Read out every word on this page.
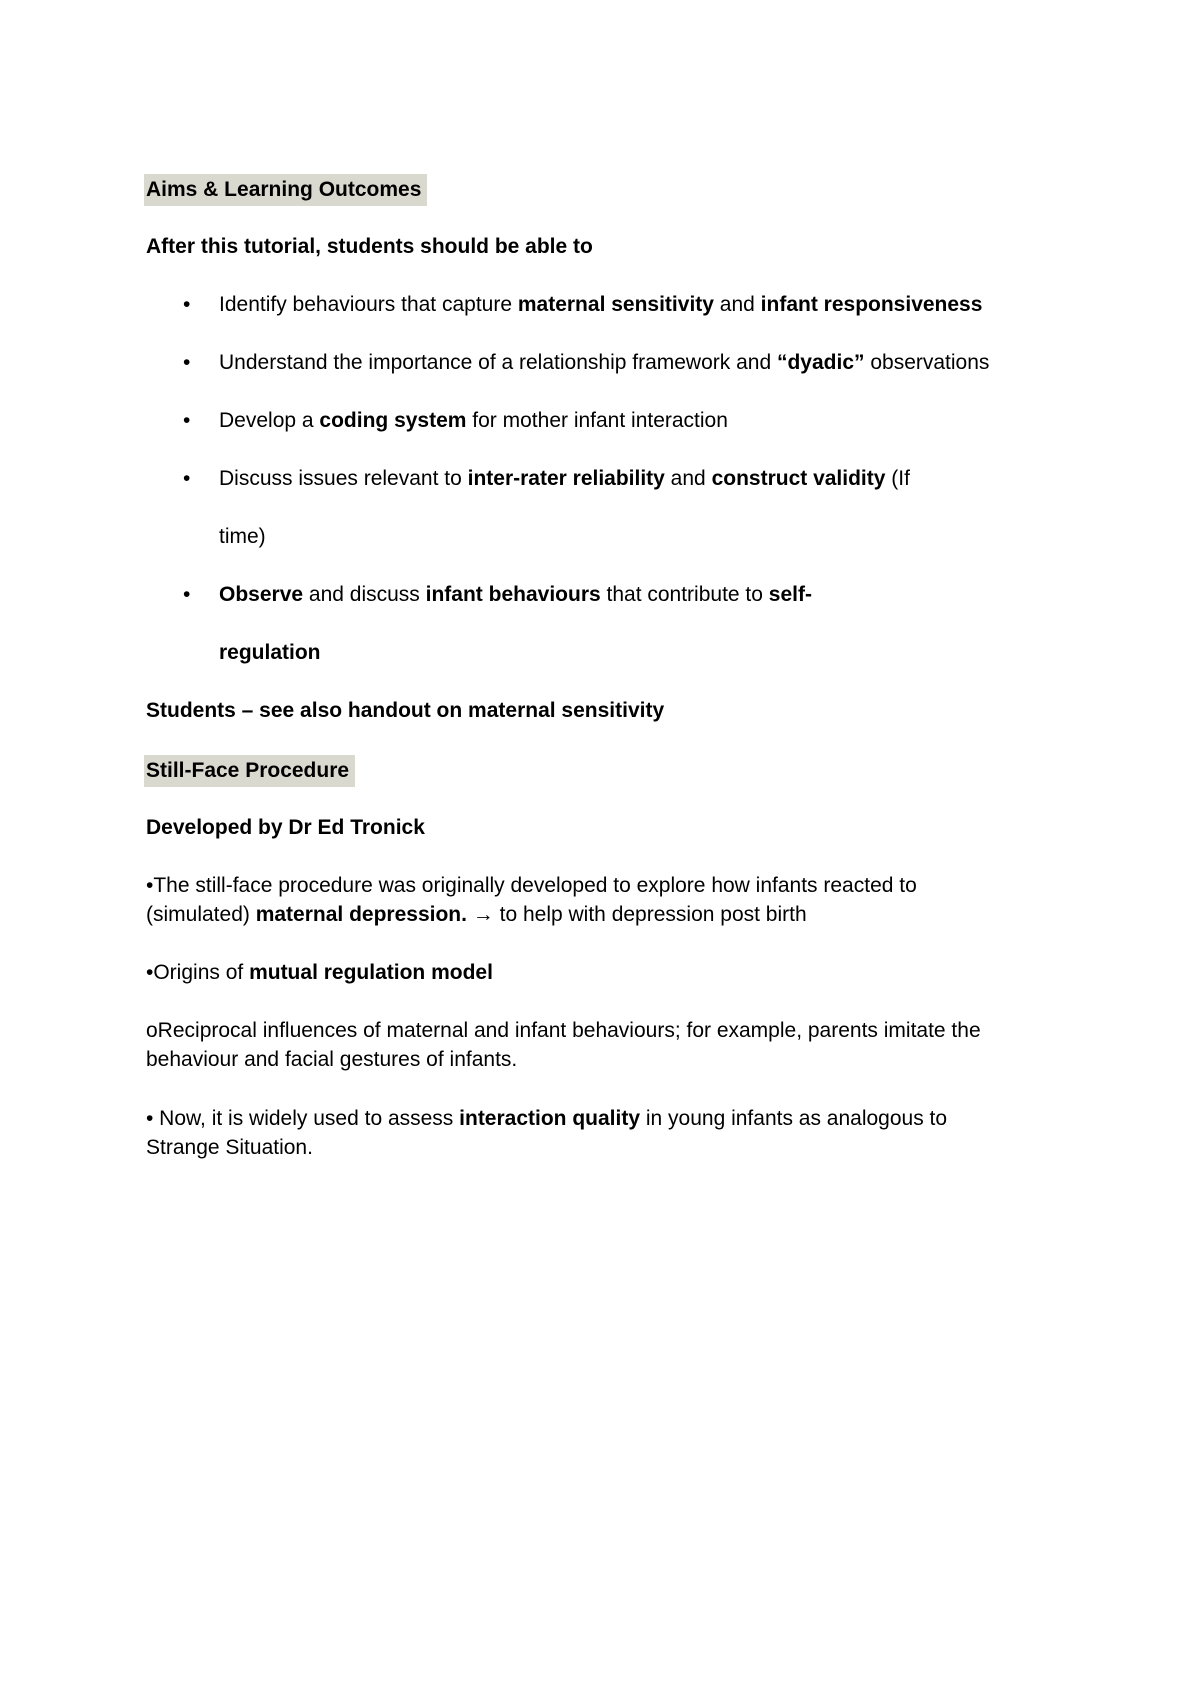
Aims & Learning Outcomes
After this tutorial, students should be able to
• Identify behaviours that capture maternal sensitivity and infant responsiveness
• Understand the importance of a relationship framework and “dyadic” observations
• Develop a coding system for mother infant interaction
• Discuss issues relevant to inter-rater reliability and construct validity (If
time)
• Observe and discuss infant behaviours that contribute to self-
regulation
Students – see also handout on maternal sensitivity
Still-Face Procedure
Developed by Dr Ed Tronick
•The still-face procedure was originally developed to explore how infants reacted to
(simulated) maternal depression. → to help with depression post birth
•Origins of mutual regulation model
oReciprocal influences of maternal and infant behaviours; for example, parents imitate the
behaviour and facial gestures of infants.
• Now, it is widely used to assess interaction quality in young infants as analogous to
Strange Situation.
